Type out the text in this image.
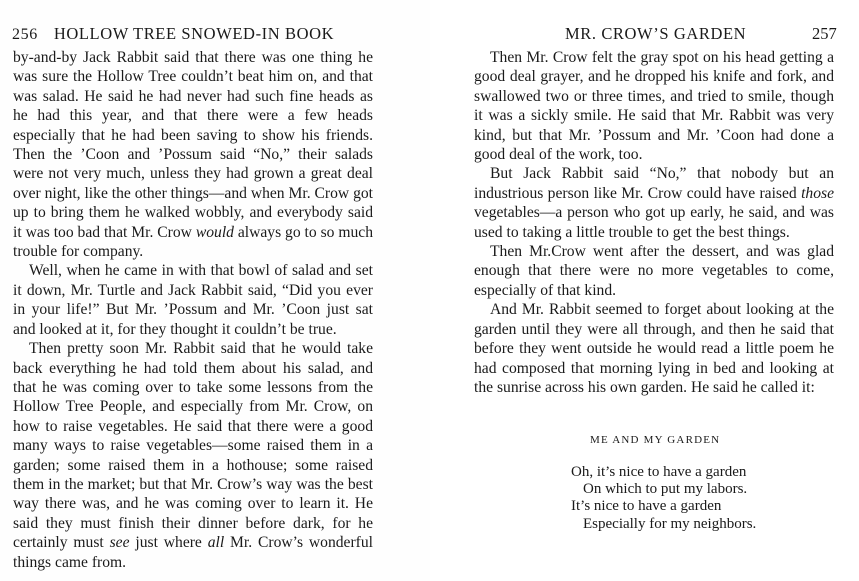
256 HOLLOW TREE SNOWED-IN BOOK

by-and-by Jack Rabbit said that there was one thing he was sure the Hollow Tree couldn’t beat him on, and that was salad. He said he had never had such fine heads as he had this year, and that there were a few heads especially that he had been saving to show his friends. Then the ’Coon and ’Possum said “No,” their salads were not very much, unless they had grown a great deal over night, like the other things—and when Mr. Crow got up to bring them he walked wobbly, and everybody said it was too bad that Mr. Crow would always go to so much trouble for company.

Well, when he came in with that bowl of salad and set it down, Mr. Turtle and Jack Rabbit said, “Did you ever in your life!” But Mr. ’Possum and Mr. ’Coon just sat and looked at it, for they thought it couldn’t be true.

Then pretty soon Mr. Rabbit said that he would take back everything he had told them about his salad, and that he was coming over to take some lessons from the Hollow Tree People, and especially from Mr. Crow, on how to raise vegetables. He said that there were a good many ways to raise vegetables—some raised them in a garden; some raised them in a hothouse; some raised them in the market; but that Mr. Crow’s way was the best way there was, and he was coming over to learn it. He said they must finish their dinner before dark, for he certainly must see just where all Mr. Crow’s wonderful things came from.

MR. CROW’S GARDEN	257

Then Mr. Crow felt the gray spot on his head getting a good deal grayer, and he dropped his knife and fork, and swallowed two or three times, and tried to smile, though it was a sickly smile. He said that Mr. Rabbit was very kind, but that Mr. ’Possum and Mr. ’Coon had done a good deal of the work, too.

But Jack Rabbit said “No,” that nobody but an industrious person like Mr. Crow could have raised those vegetables—a person who got up early, he said, and was used to taking a little trouble to get the best things.

Then Mr.Crow went after the dessert, and was glad enough that there were no more vegetables to come, especially of that kind.

And Mr. Rabbit seemed to forget about looking at the garden until they were all through, and then he said that before they went outside he would read a little poem he had composed that morning lying in bed and looking at the sunrise across his own garden. He said he called it:

ME AND MY GARDEN
Oh, it’s nice to have a garden
On which to put my labors.
It’s nice to have a garden
Especially for my neighbors.
